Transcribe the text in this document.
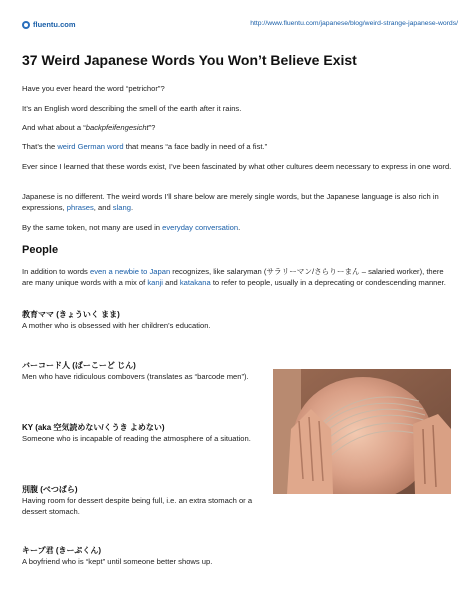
fluentu.com	http://www.fluentu.com/japanese/blog/weird-strange-japanese-words/
37 Weird Japanese Words You Won’t Believe Exist

Have you ever heard the word “petrichor”?

It’s an English word describing the smell of the earth after it rains.

And what about a “backpfeifengesicht”?

That’s the weird German word that means “a face badly in need of a fist.”

Ever since I learned that these words exist, I’ve been fascinated by what other cultures deem necessary to express in one word.

Japanese is no different. The weird words I’ll share below are merely single words, but the Japanese language is also rich in expressions, phrases, and slang.

By the same token, not many are used in everyday conversation.

People

In addition to words even a newbie to Japan recognizes, like salaryman (サラリーマン/さらりーまん – salaried worker), there are many unique words with a mix of kanji and katakana to refer to people, usually in a deprecating or condescending manner.

教育ママ (きょういく まま)
A mother who is obsessed with her children’s education.
バーコード人 (ばーこーど じん)
Men who have ridiculous combovers (translates as “barcode men”).
KY (aka 空気読めない/くうき よめない)
Someone who is incapable of reading the atmosphere of a situation.
別腹 (べつばら)
Having room for dessert despite being full, i.e. an extra stomach or a dessert stomach.
キープ君 (きーぷくん)
A boyfriend who is “kept” until someone better shows up.
